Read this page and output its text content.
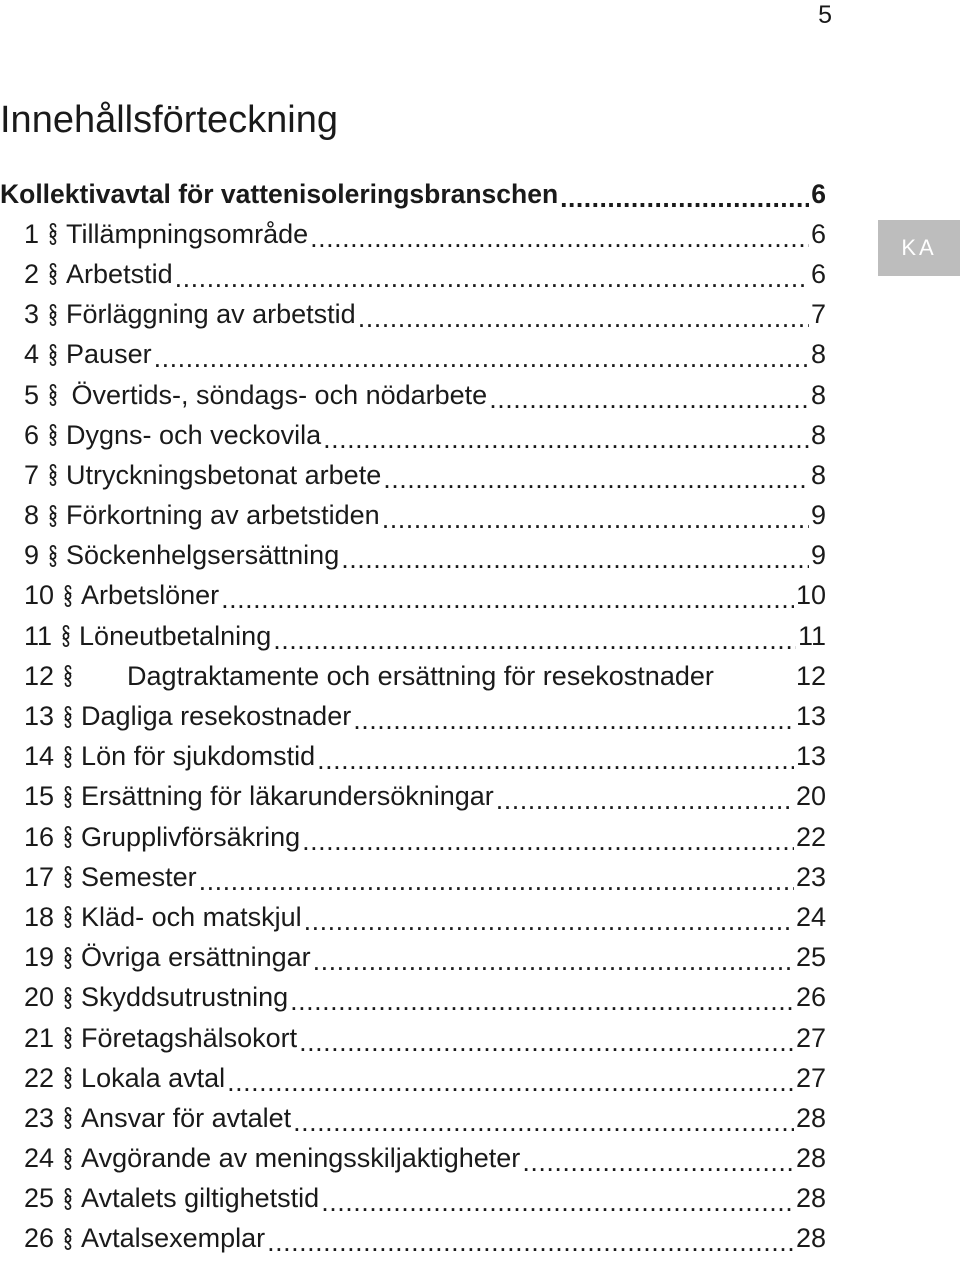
5
Innehållsförteckning
KA
Kollektivavtal för vattenisoleringsbranschen .....	6
1 Tillämpningsområde .....	6
2 Arbetstid .....	6
3 Förläggning av arbetstid .....	7
4 Pauser .....	8
5 Övertids-, söndags- och nödarbete .....	8
6 Dygns- och veckovila .....	8
7 Utryckningsbetonat arbete .....	8
8 Förkortning av arbetstiden .....	9
9 Söckenhelgsersättning .....	9
10 Arbetslöner .....	10
11 Löneutbetalning .....	11
12	Dagtraktamente och ersättning för resekostnader	12
13 Dagliga resekostnader .....	13
14 Lön för sjukdomstid .....	13
15 Ersättning för läkarundersökningar .....	20
16 Grupplivförsäkring .....	22
17 Semester .....	23
18 Kläd- och matskjul .....	24
19 Övriga ersättningar .....	25
20 Skyddsutrustning .....	26
21 Företagshälsokort .....	27
22 Lokala avtal .....	27
23 Ansvar för avtalet .....	28
24 Avgörande av meningsskiljaktigheter .....	28
25 Avtalets giltighetstid .....	28
26 Avtalsexemplar .....	28
